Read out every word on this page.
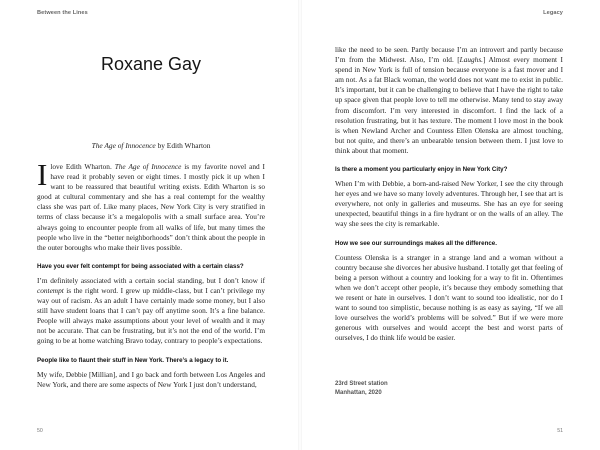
Between the Lines
Roxane Gay
The Age of Innocence by Edith Wharton

I love Edith Wharton. The Age of Innocence is my favorite novel and I have read it probably seven or eight times. I mostly pick it up when I want to be reassured that beautiful writing exists. Edith Wharton is so good at cultural commentary and she has a real contempt for the wealthy class she was part of. Like many places, New York City is very stratified in terms of class because it’s a megalopolis with a small surface area. You’re always going to encounter people from all walks of life, but many times the people who live in the “better neighborhoods” don’t think about the people in the outer boroughs who make their lives possible.

Have you ever felt contempt for being associated with a certain class?

I’m definitely associated with a certain social standing, but I don’t know if contempt is the right word. I grew up middle-class, but I can’t privilege my way out of racism. As an adult I have certainly made some money, but I also still have student loans that I can’t pay off anytime soon. It’s a fine balance. People will always make assumptions about your level of wealth and it may not be accurate. That can be frustrating, but it’s not the end of the world. I’m going to be at home watching Bravo today, contrary to people’s expectations.

People like to flaunt their stuff in New York. There’s a legacy to it.

My wife, Debbie [Millian], and I go back and forth between Los Angeles and New York, and there are some aspects of New York I just don’t understand,

50
Legacy
51

like the need to be seen. Partly because I’m an introvert and partly because I’m from the Midwest. Also, I’m old. [Laughs.] Almost every moment I spend in New York is full of tension because everyone is a fast mover and I am not. As a fat Black woman, the world does not want me to exist in public. It’s important, but it can be challenging to believe that I have the right to take up space given that people love to tell me otherwise. Many tend to stay away from discomfort. I’m very interested in discomfort. I find the lack of a resolution frustrating, but it has texture. The moment I love most in the book is when Newland Archer and Countess Ellen Olenska are almost touching, but not quite, and there’s an unbearable tension between them. I just love to think about that moment.

Is there a moment you particularly enjoy in New York City?

When I’m with Debbie, a born-and-raised New Yorker, I see the city through her eyes and we have so many lovely adventures. Through her, I see that art is everywhere, not only in galleries and museums. She has an eye for seeing unexpected, beautiful things in a fire hydrant or on the walls of an alley. The way she sees the city is remarkable.

How we see our surroundings makes all the difference.

Countess Olenska is a stranger in a strange land and a woman without a country because she divorces her abusive husband. I totally get that feeling of being a person without a country and looking for a way to fit in. Oftentimes when we don’t accept other people, it’s because they embody something that we resent or hate in ourselves. I don’t want to sound too idealistic, nor do I want to sound too simplistic, because nothing is as easy as saying, “If we all love ourselves the world’s problems will be solved.” But if we were more generous with ourselves and would accept the best and worst parts of ourselves, I do think life would be easier.

23rd Street station
Manhattan, 2020
